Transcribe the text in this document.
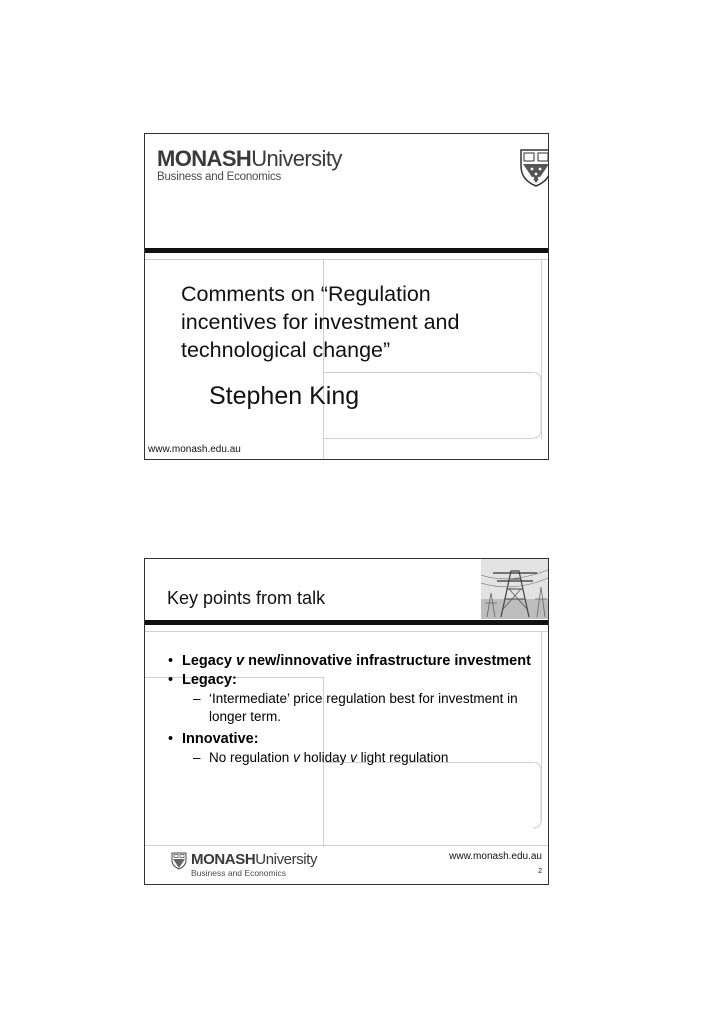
MONASHUniversity
Business and Economics
Comments on “Regulation incentives for investment and technological change”
Stephen King
www.monash.edu.au
Key points from talk
• Legacy v new/innovative infrastructure investment
• Legacy:
– ‘Intermediate’ price regulation best for investment in longer term.
• Innovative:
– No regulation v holiday v light regulation
MONASHUniversity
Business and Economics
www.monash.edu.au
2
